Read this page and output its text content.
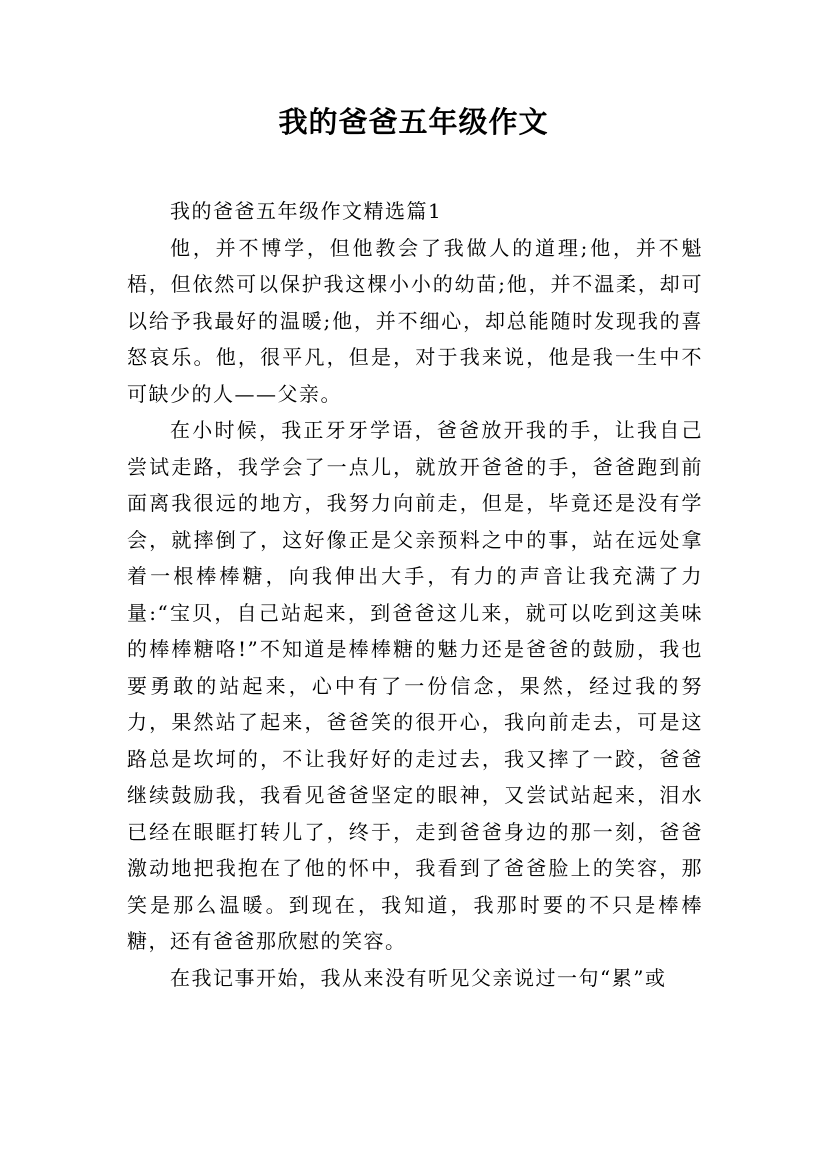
我的爸爸五年级作文

我的爸爸五年级作文精选篇1

他，并不博学，但他教会了我做人的道理;他，并不魁梧，但依然可以保护我这棵小小的幼苗;他，并不温柔，却可以给予我最好的温暖;他，并不细心，却总能随时发现我的喜怒哀乐。他，很平凡，但是，对于我来说，他是我一生中不可缺少的人——父亲。

在小时候，我正牙牙学语，爸爸放开我的手，让我自己尝试走路，我学会了一点儿，就放开爸爸的手，爸爸跑到前面离我很远的地方，我努力向前走，但是，毕竟还是没有学会，就摔倒了，这好像正是父亲预料之中的事，站在远处拿着一根棒棒糖，向我伸出大手，有力的声音让我充满了力量:“宝贝，自己站起来，到爸爸这儿来，就可以吃到这美味的棒棒糖咯!”不知道是棒棒糖的魅力还是爸爸的鼓励，我也要勇敢的站起来，心中有了一份信念，果然，经过我的努力，果然站了起来，爸爸笑的很开心，我向前走去，可是这路总是坎坷的，不让我好好的走过去，我又摔了一跤，爸爸继续鼓励我，我看见爸爸坚定的眼神，又尝试站起来，泪水已经在眼眶打转儿了，终于，走到爸爸身边的那一刻，爸爸激动地把我抱在了他的怀中，我看到了爸爸脸上的笑容，那笑是那么温暖。到现在，我知道，我那时要的不只是棒棒糖，还有爸爸那欣慰的笑容。

在我记事开始，我从来没有听见父亲说过一句“累”或
